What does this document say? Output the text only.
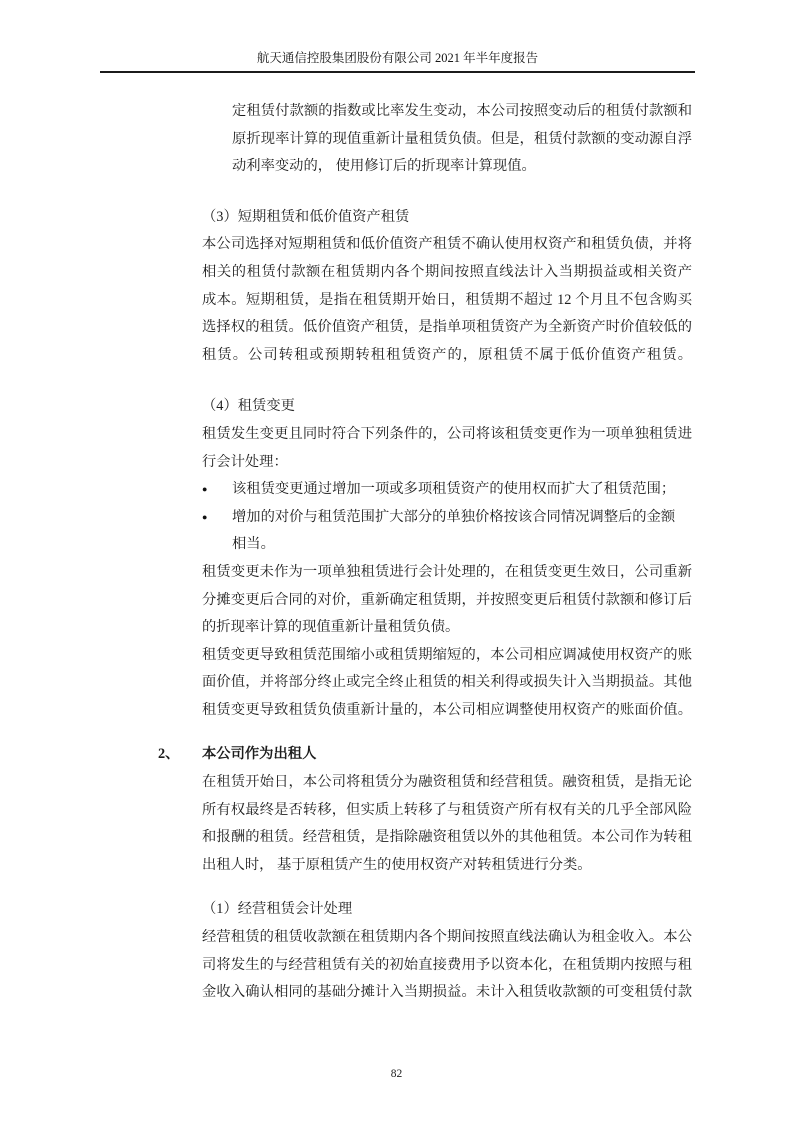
航天通信控股集团股份有限公司 2021 年半年度报告
定租赁付款额的指数或比率发生变动，本公司按照变动后的租赁付款额和
原折现率计算的现值重新计量租赁负债。但是，租赁付款额的变动源自浮
动利率变动的， 使用修订后的折现率计算现值。
（3）短期租赁和低价值资产租赁
本公司选择对短期租赁和低价值资产租赁不确认使用权资产和租赁负债，并将
相关的租赁付款额在租赁期内各个期间按照直线法计入当期损益或相关资产
成本。短期租赁，是指在租赁期开始日，租赁期不超过 12 个月且不包含购买
选择权的租赁。低价值资产租赁，是指单项租赁资产为全新资产时价值较低的
租赁。公司转租或预期转租租赁资产的，原租赁不属于低价值资产租赁。
（4）租赁变更
租赁发生变更且同时符合下列条件的，公司将该租赁变更作为一项单独租赁进
行会计处理：
●	该租赁变更通过增加一项或多项租赁资产的使用权而扩大了租赁范围；
●	增加的对价与租赁范围扩大部分的单独价格按该合同情况调整后的金额
相当。
租赁变更未作为一项单独租赁进行会计处理的，在租赁变更生效日，公司重新
分摊变更后合同的对价，重新确定租赁期，并按照变更后租赁付款额和修订后
的折现率计算的现值重新计量租赁负债。
租赁变更导致租赁范围缩小或租赁期缩短的，本公司相应调减使用权资产的账
面价值，并将部分终止或完全终止租赁的相关利得或损失计入当期损益。其他
租赁变更导致租赁负债重新计量的，本公司相应调整使用权资产的账面价值。
2、	本公司作为出租人
在租赁开始日，本公司将租赁分为融资租赁和经营租赁。融资租赁，是指无论
所有权最终是否转移，但实质上转移了与租赁资产所有权有关的几乎全部风险
和报酬的租赁。经营租赁，是指除融资租赁以外的其他租赁。本公司作为转租
出租人时， 基于原租赁产生的使用权资产对转租赁进行分类。
（1）经营租赁会计处理
经营租赁的租赁收款额在租赁期内各个期间按照直线法确认为租金收入。本公
司将发生的与经营租赁有关的初始直接费用予以资本化，在租赁期内按照与租
金收入确认相同的基础分摊计入当期损益。未计入租赁收款额的可变租赁付款
82
